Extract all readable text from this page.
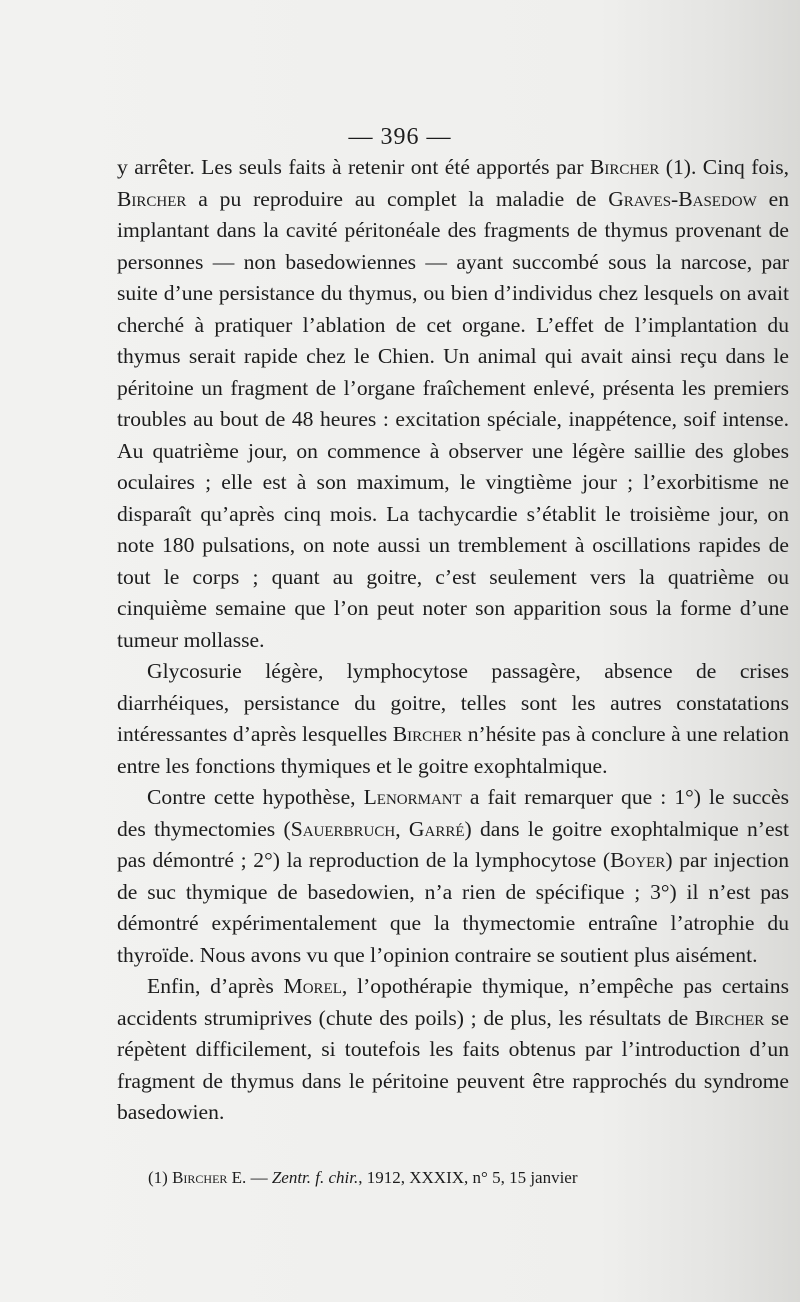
— 396 —

y arrêter. Les seuls faits à retenir ont été apportés par Bircher (1). Cinq fois, Bircher a pu reproduire au complet la maladie de Graves-Basedow en implantant dans la cavité péritonéale des fragments de thymus provenant de personnes — non basedowiennes — ayant succombé sous la narcose, par suite d’une persistance du thymus, ou bien d’individus chez lesquels on avait cherché à pratiquer l’ablation de cet organe. L’effet de l’implantation du thymus serait rapide chez le Chien. Un animal qui avait ainsi reçu dans le péritoine un fragment de l’organe fraîchement enlevé, présenta les premiers troubles au bout de 48 heures : excitation spéciale, inappétence, soif intense. Au quatrième jour, on commence à observer une légère saillie des globes oculaires ; elle est à son maximum, le vingtième jour ; l’exorbitisme ne disparaît qu’après cinq mois. La tachycardie s’établit le troisième jour, on note 180 pulsations, on note aussi un tremblement à oscillations rapides de tout le corps ; quant au goitre, c’est seulement vers la quatrième ou cinquième semaine que l’on peut noter son apparition sous la forme d’une tumeur mollasse.

Glycosurie légère, lymphocytose passagère, absence de crises diarrhéiques, persistance du goitre, telles sont les autres constatations intéressantes d’après lesquelles Bircher n’hésite pas à conclure à une relation entre les fonctions thymiques et le goitre exophtalmique.

Contre cette hypothèse, Lenormant a fait remarquer que : 1°) le succès des thymectomies (Sauerbruch, Garré) dans le goitre exophtalmique n’est pas démontré ; 2°) la reproduction de la lymphocytose (Boyer) par injection de suc thymique de basedowien, n’a rien de spécifique ; 3°) il n’est pas démontré expérimentalement que la thymectomie entraîne l’atrophie du thyroïde. Nous avons vu que l’opinion contraire se soutient plus aisément.

Enfin, d’après Morel, l’opothérapie thymique, n’empêche pas certains accidents strumiprives (chute des poils) ; de plus, les résultats de Bircher se répètent difficilement, si toutefois les faits obtenus par l’introduction d’un fragment de thymus dans le péritoine peuvent être rapprochés du syndrome basedowien.

(1) Bircher E. — Zentr. f. chir., 1912, XXXIX, n° 5, 15 janvier
